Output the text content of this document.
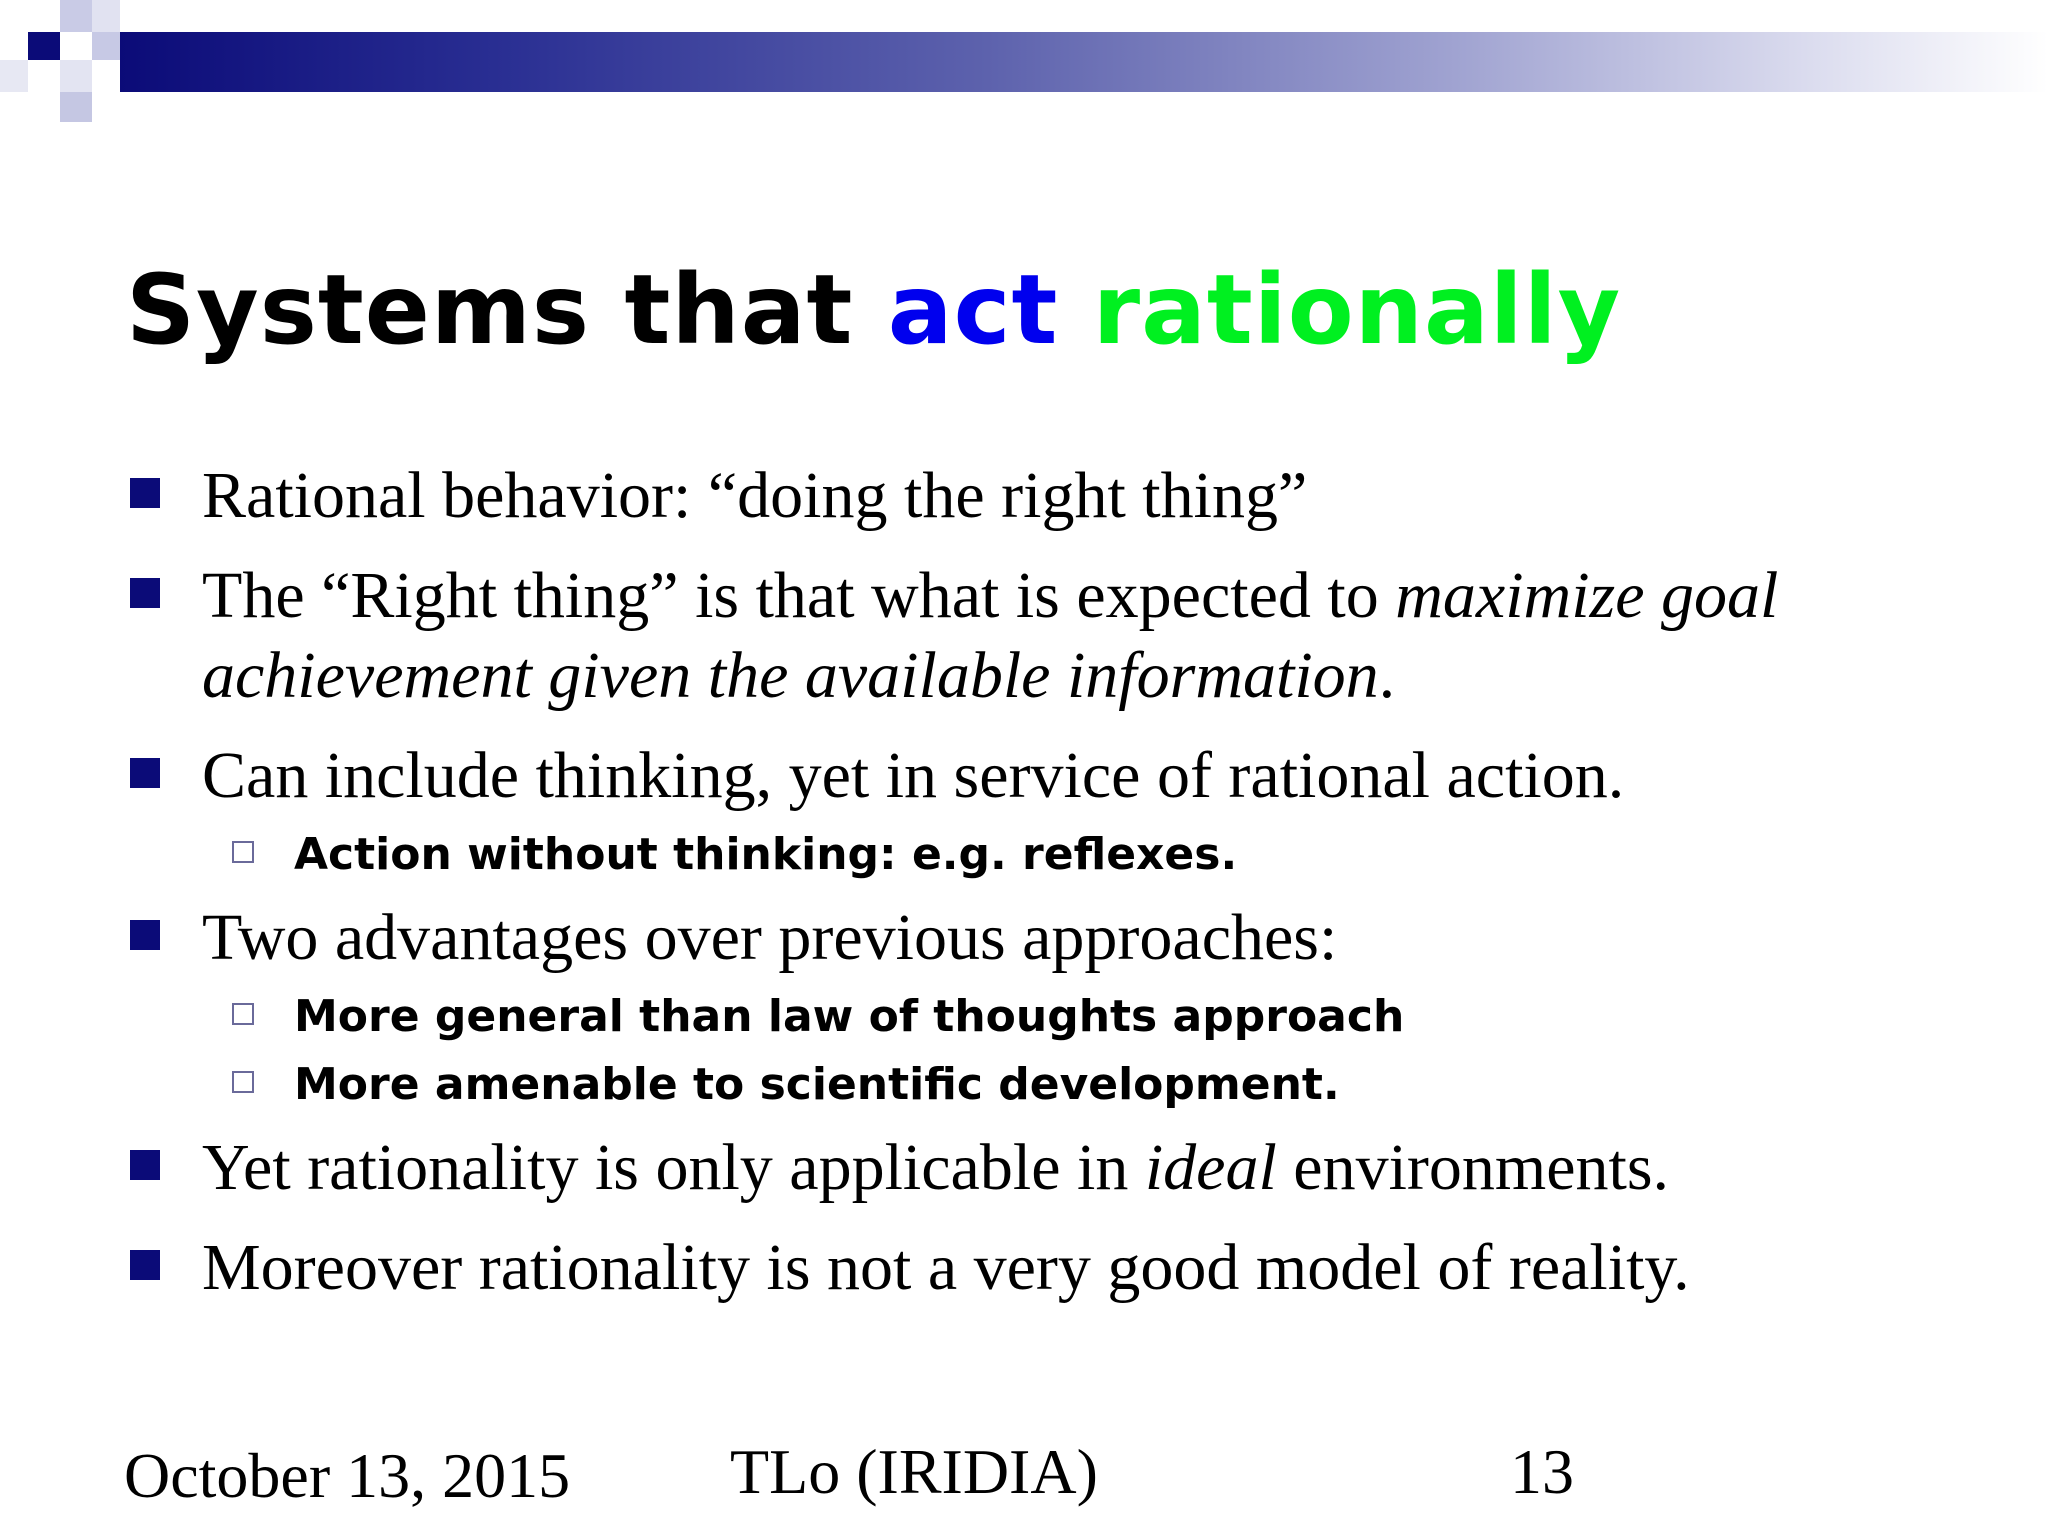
Systems that act rationally
Rational behavior: “doing the right thing”
The “Right thing” is that what is expected to maximize goal achievement given the available information.
Can include thinking, yet in service of rational action.
Action without thinking: e.g. reflexes.
Two advantages over previous approaches:
More general than law of thoughts approach
More amenable to scientific development.
Yet rationality is only applicable in ideal environments.
Moreover rationality is not a very good model of reality.
October 13, 2015 TLo (IRIDIA)	13
